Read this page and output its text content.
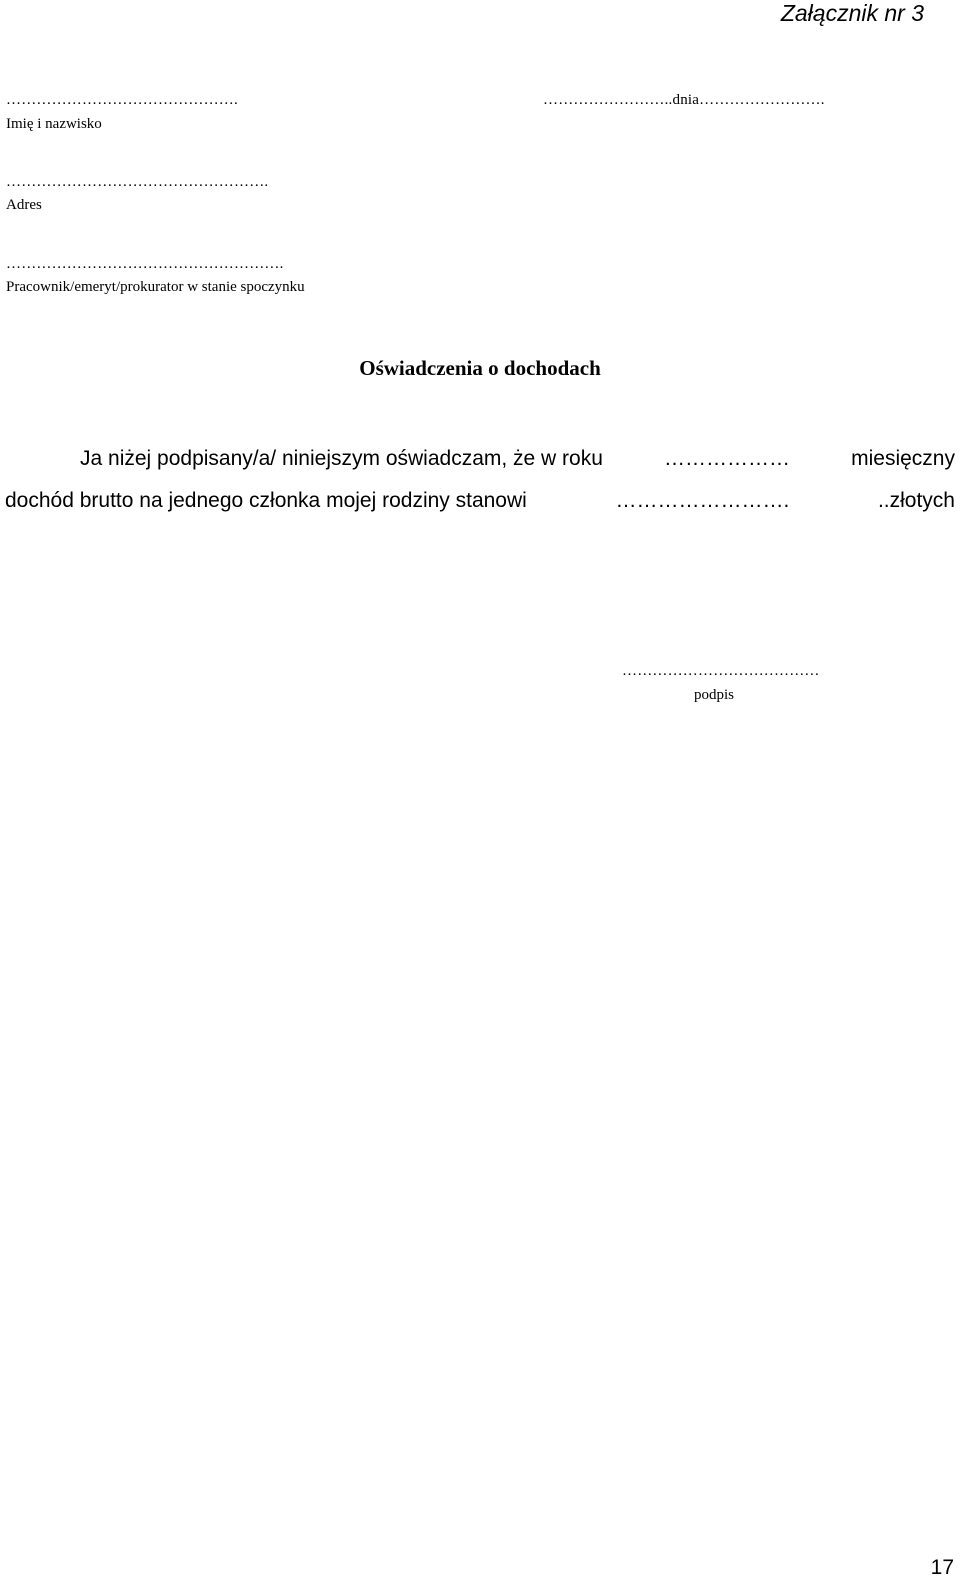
Załącznik nr 3
……………………………………….
Imię i nazwisko
……………………..dnia…………………….
…………………………………………….
Adres
……………………………………………….
Pracownik/emeryt/prokurator w stanie spoczynku
Oświadczenia o dochodach
Ja niżej podpisany/a/ niniejszym oświadczam, że w roku	………………	miesięczny
dochód brutto na jednego członka mojej rodziny stanowi	…………………….	..złotych
…………………………………
podpis
17
